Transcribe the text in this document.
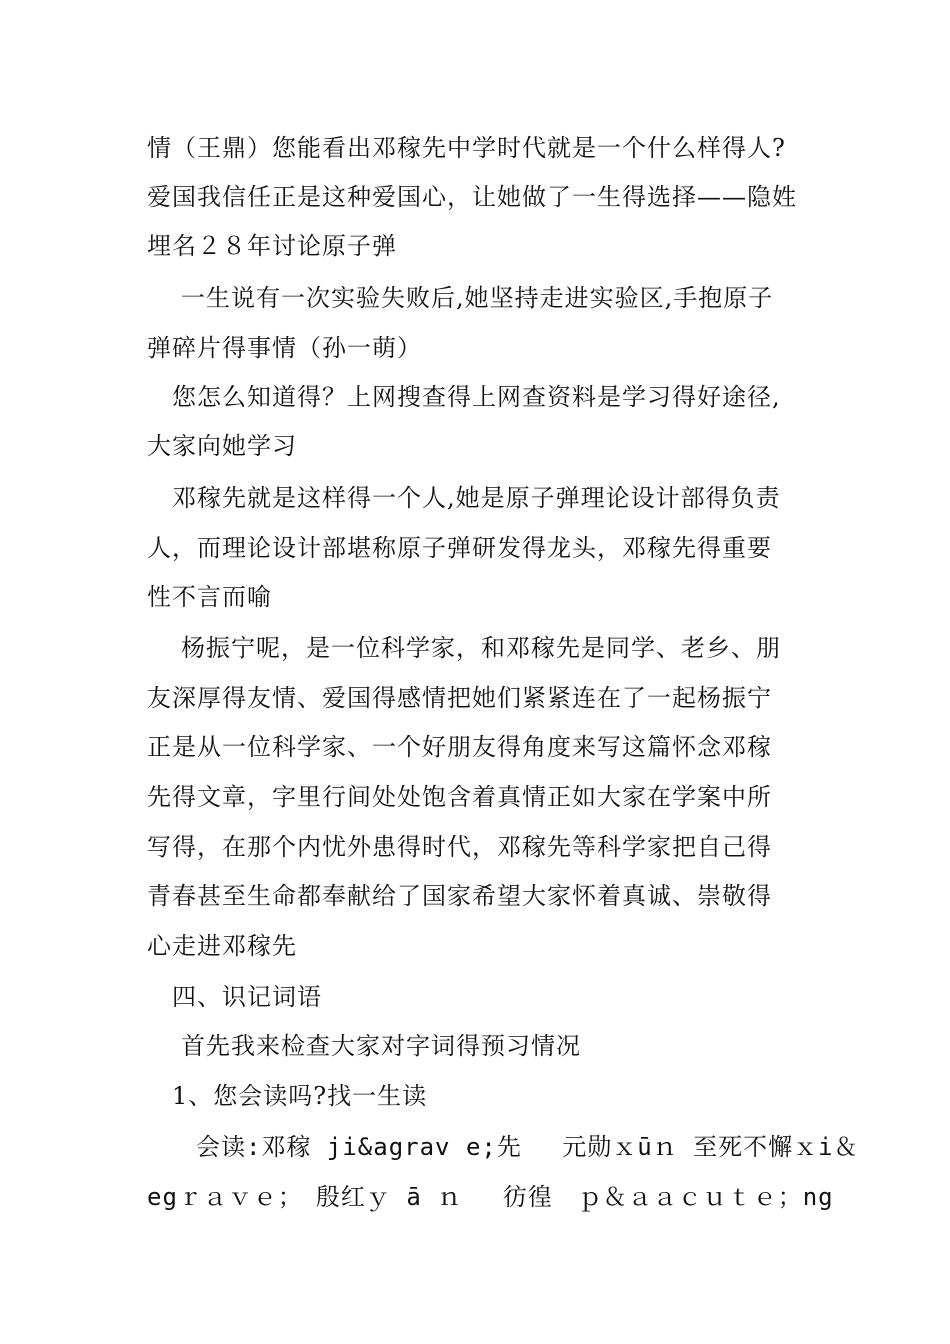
情（王鼎）您能看出邓稼先中学时代就是一个什么样得人?
爱国我信任正是这种爱国心，让她做了一生得选择——隐姓
埋名２８年讨论原子弹
一生说有一次实验失败后,她坚持走进实验区,手抱原子
弹碎片得事情（孙一萌）
您怎么知道得？上网搜查得上网查资料是学习得好途径,
大家向她学习
邓稼先就是这样得一个人,她是原子弹理论设计部得负责
人，而理论设计部堪称原子弹研发得龙头，邓稼先得重要
性不言而喻
杨振宁呢，是一位科学家，和邓稼先是同学、老乡、朋
友深厚得友情、爱国得感情把她们紧紧连在了一起杨振宁
正是从一位科学家、一个好朋友得角度来写这篇怀念邓稼
先得文章，字里行间处处饱含着真情正如大家在学案中所
写得，在那个内忧外患得时代，邓稼先等科学家把自己得
青春甚至生命都奉献给了国家希望大家怀着真诚、崇敬得
心走进邓稼先
四、识记词语
首先我来检查大家对字词得预习情况
1、您会读吗?找一生读
会读:邓稼 ji&agrav e;先　 元勋ｘūｎ 至死不懈ｘi＆
egｒａｖｅ；　殷红ｙ ā ｎ　 彷徨　ｐ＆ａａｃｕｔｅ；ng
